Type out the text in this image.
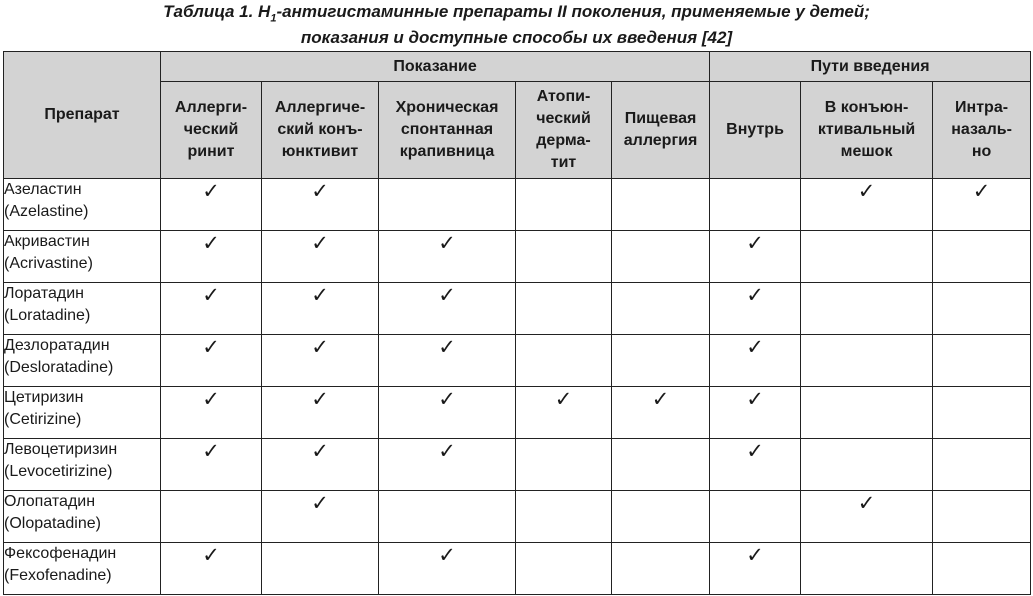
Таблица 1. $H_1$-антигистаминные препараты II поколения, применяемые у детей;
показания и доступные способы их введения [42]
Препарат	Показание					Пути введения		
	Аллерги-
ческий
ринит	Аллергиче-
ский конъ-
юнктивит	Хроническая
спонтанная
крапивница	Атопи-
ческий
дерма-
тит	Пищевая
аллергия	Внутрь	В конъюн-
ктивальный
мешок	Интра-
назаль-
но

Азеластин
(Azelastine)	✓	✓					✓	✓

Акривастин
(Acrivastine)	✓	✓	✓			✓		

Лоратадин
(Loratadine)	✓	✓	✓			✓		

Дезлоратадин
(Desloratadine)	✓	✓	✓			✓		

Цетиризин
(Cetirizine)	✓	✓	✓	✓	✓	✓		

Левоцетиризин
(Levocetirizine)	✓	✓	✓			✓		

Олопатадин
(Olopatadine)		✓					✓	

Фексофенадин
(Fexofenadine)	✓		✓			✓		
